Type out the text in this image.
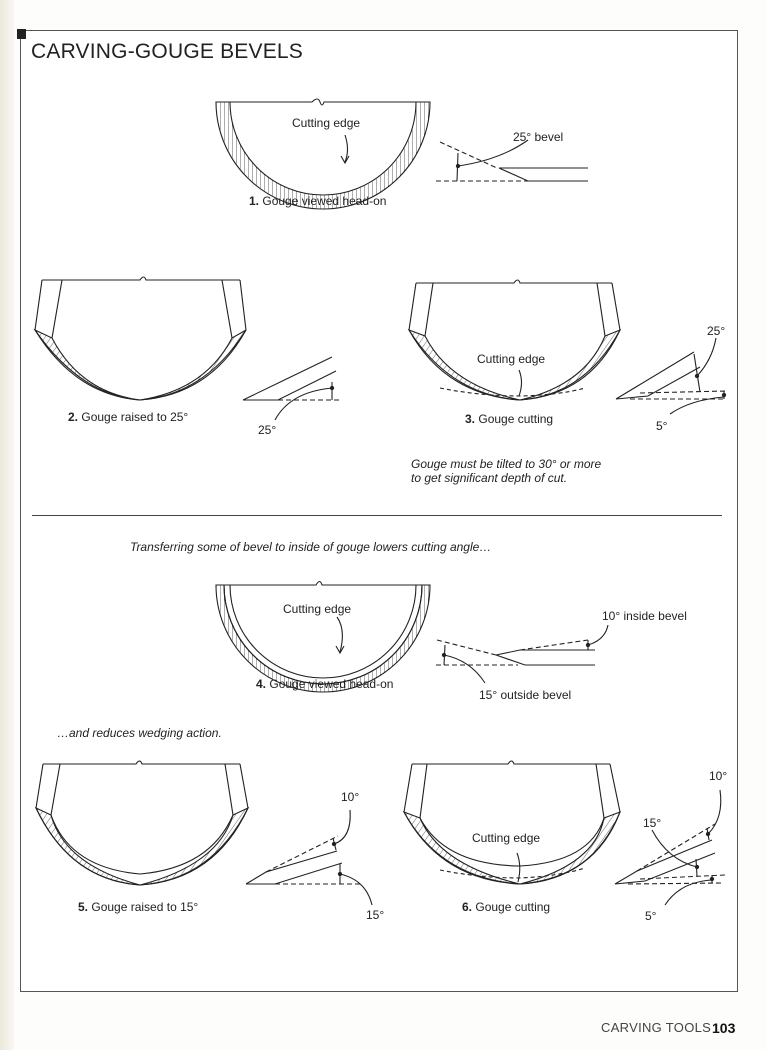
CARVING-GOUGE BEVELS
Cutting edge
25° bevel
1. Gouge viewed head-on
2. Gouge raised to 25°
25°
Cutting edge
25°
5°
3. Gouge cutting
Gouge must be tilted to 30° or more
to get significant depth of cut.
Transferring some of bevel to inside of gouge lowers cutting angle…
Cutting edge	10° inside bevel
15° outside bevel
4. Gouge viewed head-on
…and reduces wedging action.
10°
15°
5. Gouge raised to 15°
Cutting edge
10°
15°
5°
6. Gouge cutting
CARVING TOOLS 103
